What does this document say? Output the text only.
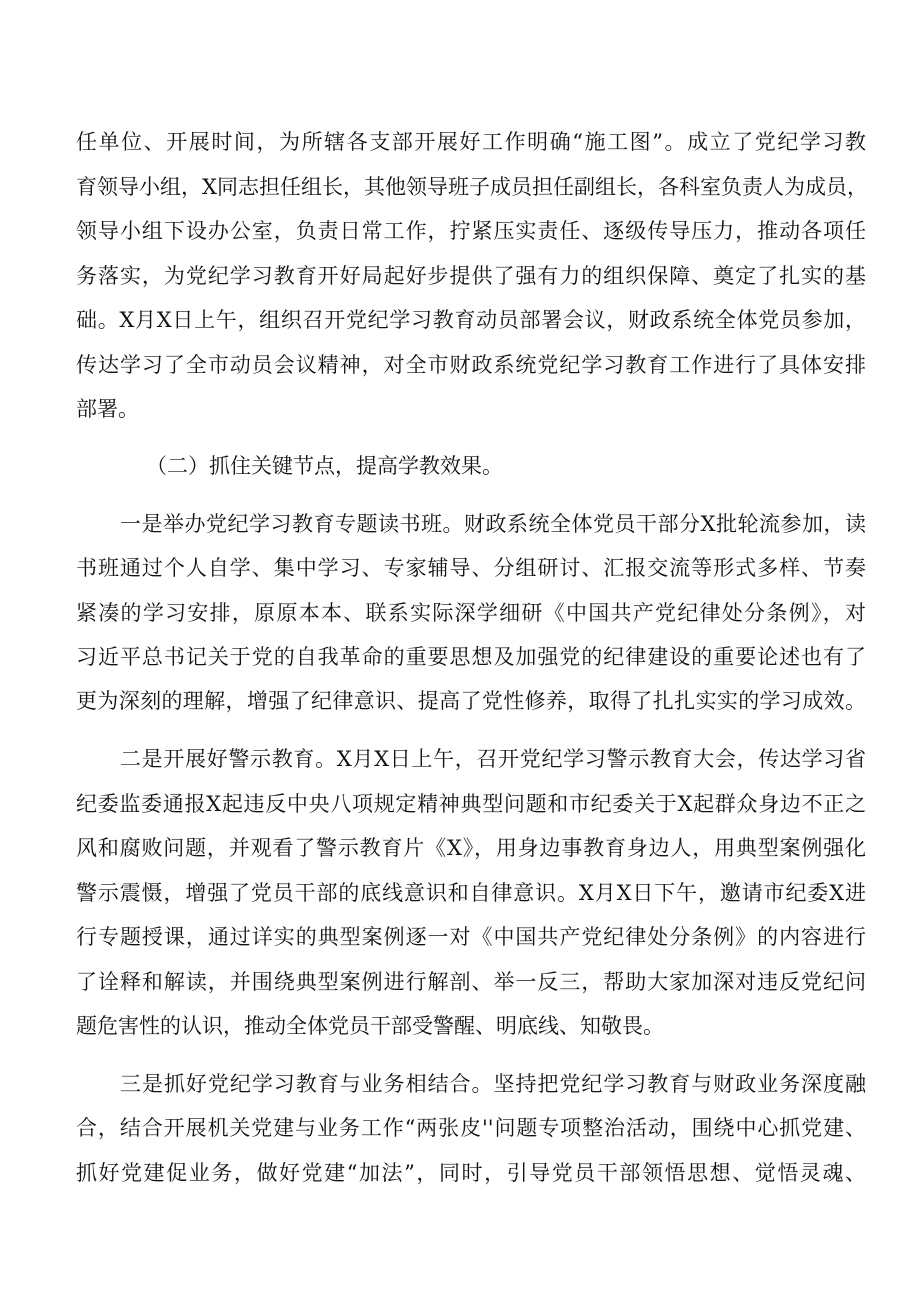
任单位、开展时间，为所辖各支部开展好工作明确“施工图”。成立了党纪学习教
育领导小组，X同志担任组长，其他领导班子成员担任副组长，各科室负责人为成员，
领导小组下设办公室，负责日常工作，拧紧压实责任、逐级传导压力，推动各项任
务落实，为党纪学习教育开好局起好步提供了强有力的组织保障、奠定了扎实的基
础。X月X日上午，组织召开党纪学习教育动员部署会议，财政系统全体党员参加，
传达学习了全市动员会议精神，对全市财政系统党纪学习教育工作进行了具体安排
部署。
（二）抓住关键节点，提高学教效果。
一是举办党纪学习教育专题读书班。财政系统全体党员干部分X批轮流参加，读
书班通过个人自学、集中学习、专家辅导、分组研讨、汇报交流等形式多样、节奏
紧凑的学习安排，原原本本、联系实际深学细研《中国共产党纪律处分条例》，对
习近平总书记关于党的自我革命的重要思想及加强党的纪律建设的重要论述也有了
更为深刻的理解，增强了纪律意识、提高了党性修养，取得了扎扎实实的学习成效。
二是开展好警示教育。X月X日上午，召开党纪学习警示教育大会，传达学习省
纪委监委通报X起违反中央八项规定精神典型问题和市纪委关于X起群众身边不正之
风和腐败问题，并观看了警示教育片《X》，用身边事教育身边人，用典型案例强化
警示震慑，增强了党员干部的底线意识和自律意识。X月X日下午，邀请市纪委X进
行专题授课，通过详实的典型案例逐一对《中国共产党纪律处分条例》的内容进行
了诠释和解读，并围绕典型案例进行解剖、举一反三，帮助大家加深对违反党纪问
题危害性的认识，推动全体党员干部受警醒、明底线、知敬畏。
三是抓好党纪学习教育与业务相结合。坚持把党纪学习教育与财政业务深度融
合，结合开展机关党建与业务工作“两张皮''问题专项整治活动，围绕中心抓党建、
抓好党建促业务，做好党建“加法”，同时，引导党员干部领悟思想、觉悟灵魂、
